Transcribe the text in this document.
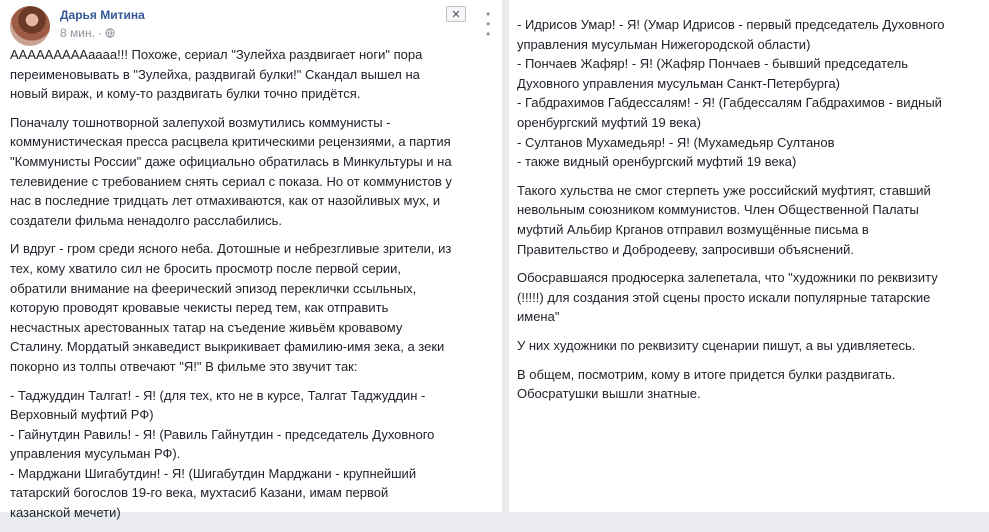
Дарья Митина
8 мин. ·
✕ • • •
АААААААААаааа!!! Похоже, сериал "Зулейха раздвигает ноги" пора
переименовывать в "Зулейха, раздвигай булки!" Скандал вышел на
новый вираж, и кому-то раздвигать булки точно придётся.
Поначалу тошнотворной залепухой возмутились коммунисты -
коммунистическая пресса расцвела критическими рецензиями, а партия
"Коммунисты России" даже официально обратилась в Минкультуры и на
телевидение с требованием снять сериал с показа. Но от коммунистов у
нас в последние тридцать лет отмахиваются, как от назойливых мух, и
создатели фильма ненадолго расслабились.
И вдруг - гром среди ясного неба. Дотошные и небрезгливые зрители, из
тех, кому хватило сил не бросить просмотр после первой серии,
обратили внимание на феерический эпизод переклички ссыльных,
которую проводят кровавые чекисты перед тем, как отправить
несчастных арестованных татар на съедение живьём кровавому
Сталину. Мордатый энкаведист выкрикивает фамилию-имя зека, а зеки
покорно из толпы отвечают "Я!" В фильме это звучит так:
- Таджуддин Талгат! - Я! (для тех, кто не в курсе, Талгат Таджуддин -
Верховный муфтий РФ)
- Гайнутдин Равиль! - Я! (Равиль Гайнутдин - председатель Духовного
управления мусульман РФ).
- Марджани Шигабутдин! - Я! (Шигабутдин Марджани - крупнейший
татарский богослов 19-го века, мухтасиб Казани, имам первой
казанской мечети)
- Идрисов Умар! - Я! (Умар Идрисов - первый председатель Духовного
управления мусульман Нижегородской области)
- Пончаев Жафяр! - Я! (Жафяр Пончаев - бывший председатель
Духовного управления мусульман Санкт-Петербурга)
- Габдрахимов Габдессалям! - Я! (Габдессалям Габдрахимов - видный
оренбургский муфтий 19 века)
- Султанов Мухамедьяр! - Я! (Мухамедьяр Султанов
- также видный оренбургский муфтий 19 века)
Такого хульства не смог стерпеть уже российский муфтият, ставший
невольным союзником коммунистов. Член Общественной Палаты
муфтий Альбир Крганов отправил возмущённые письма в
Правительство и Добродееву, запросивши объяснений.
Обосравшаяся продюсерка залепетала, что "художники по реквизиту
(!!!!!) для создания этой сцены просто искали популярные татарские
имена"
У них художники по реквизиту сценарии пишут, а вы удивляетесь.
В общем, посмотрим, кому в итоге придется булки раздвигать.
Обосратушки вышли знатные.
